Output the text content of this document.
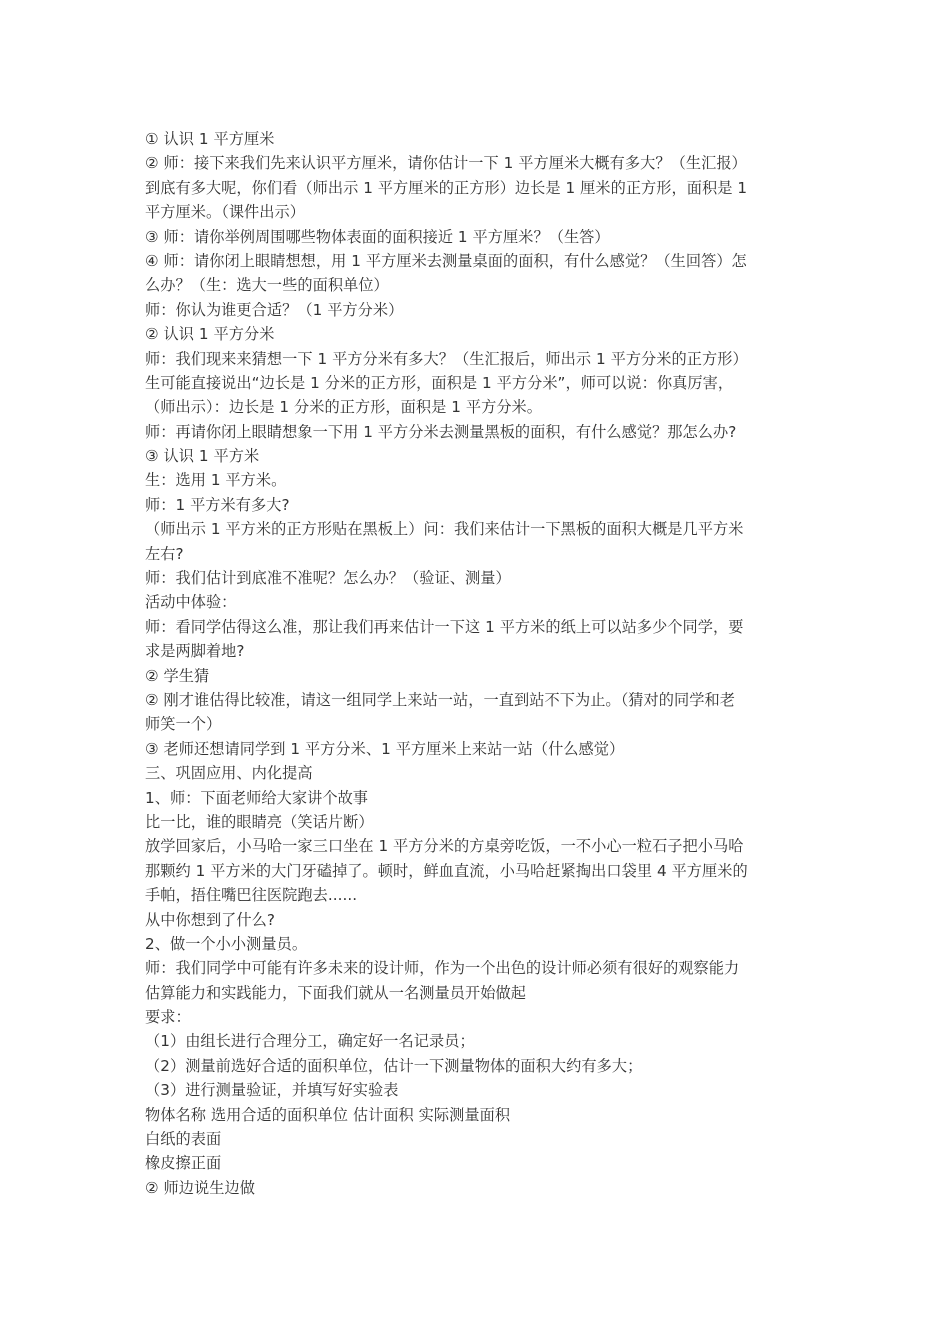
① 认识 1 平方厘米
② 师：接下来我们先来认识平方厘米，请你估计一下 1 平方厘米大概有多大？（生汇报）
到底有多大呢，你们看（师出示 1 平方厘米的正方形）边长是 1 厘米的正方形，面积是 1
平方厘米。（课件出示）
③ 师：请你举例周围哪些物体表面的面积接近 1 平方厘米？（生答）
④ 师：请你闭上眼睛想想，用 1 平方厘米去测量桌面的面积，有什么感觉？（生回答）怎
么办？（生：选大一些的面积单位）
师：你认为谁更合适？（1 平方分米）
② 认识 1 平方分米
师：我们现来来猜想一下 1 平方分米有多大？（生汇报后，师出示 1 平方分米的正方形）
生可能直接说出“边长是 1 分米的正方形，面积是 1 平方分米”，师可以说：你真厉害，
（师出示）：边长是 1 分米的正方形，面积是 1 平方分米。
师：再请你闭上眼睛想象一下用 1 平方分米去测量黑板的面积，有什么感觉？那怎么办?
③ 认识 1 平方米
生：选用 1 平方米。
师：1 平方米有多大?
（师出示 1 平方米的正方形贴在黑板上）问：我们来估计一下黑板的面积大概是几平方米
左右?
师：我们估计到底准不准呢？怎么办？（验证、测量）
活动中体验：
师：看同学估得这么准，那让我们再来估计一下这 1 平方米的纸上可以站多少个同学，要
求是两脚着地?
② 学生猜
② 刚才谁估得比较准，请这一组同学上来站一站，一直到站不下为止。（猜对的同学和老
师笑一个）
③ 老师还想请同学到 1 平方分米、1 平方厘米上来站一站（什么感觉）
三、巩固应用、内化提高
1、师：下面老师给大家讲个故事
比一比，谁的眼睛亮（笑话片断）
放学回家后，小马哈一家三口坐在 1 平方分米的方桌旁吃饭，一不小心一粒石子把小马哈
那颗约 1 平方米的大门牙磕掉了。顿时，鲜血直流，小马哈赶紧掏出口袋里 4 平方厘米的
手帕，捂住嘴巴往医院跑去......
从中你想到了什么?
2、做一个小小测量员。
师：我们同学中可能有许多未来的设计师，作为一个出色的设计师必须有很好的观察能力
估算能力和实践能力，下面我们就从一名测量员开始做起
要求：
（1）由组长进行合理分工，确定好一名记录员；
（2）测量前选好合适的面积单位，估计一下测量物体的面积大约有多大；
（3）进行测量验证，并填写好实验表
物体名称 选用合适的面积单位 估计面积 实际测量面积
白纸的表面
橡皮擦正面
② 师边说生边做
